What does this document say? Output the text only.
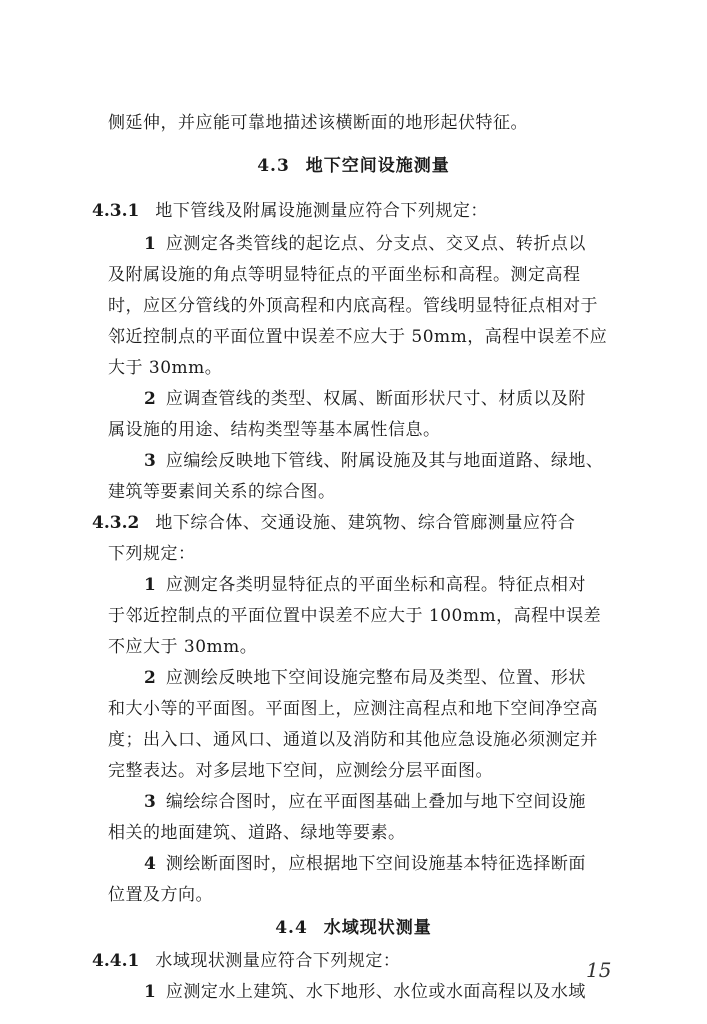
侧延伸，并应能可靠地描述该横断面的地形起伏特征。
4.3 地下空间设施测量
4.3.1 地下管线及附属设施测量应符合下列规定：
1 应测定各类管线的起讫点、分支点、交叉点、转折点以
及附属设施的角点等明显特征点的平面坐标和高程。测定高程
时，应区分管线的外顶高程和内底高程。管线明显特征点相对于
邻近控制点的平面位置中误差不应大于 50mm，高程中误差不应
大于 30mm。
2 应调查管线的类型、权属、断面形状尺寸、材质以及附
属设施的用途、结构类型等基本属性信息。
3 应编绘反映地下管线、附属设施及其与地面道路、绿地、
建筑等要素间关系的综合图。
4.3.2 地下综合体、交通设施、建筑物、综合管廊测量应符合
下列规定：
1 应测定各类明显特征点的平面坐标和高程。特征点相对
于邻近控制点的平面位置中误差不应大于 100mm，高程中误差
不应大于 30mm。
2 应测绘反映地下空间设施完整布局及类型、位置、形状
和大小等的平面图。平面图上，应测注高程点和地下空间净空高
度；出入口、通风口、通道以及消防和其他应急设施必须测定并
完整表达。对多层地下空间，应测绘分层平面图。
3 编绘综合图时，应在平面图基础上叠加与地下空间设施
相关的地面建筑、道路、绿地等要素。
4 测绘断面图时，应根据地下空间设施基本特征选择断面
位置及方向。
4.4 水域现状测量
4.4.1 水域现状测量应符合下列规定：
1 应测定水上建筑、水下地形、水位或水面高程以及水域
15
